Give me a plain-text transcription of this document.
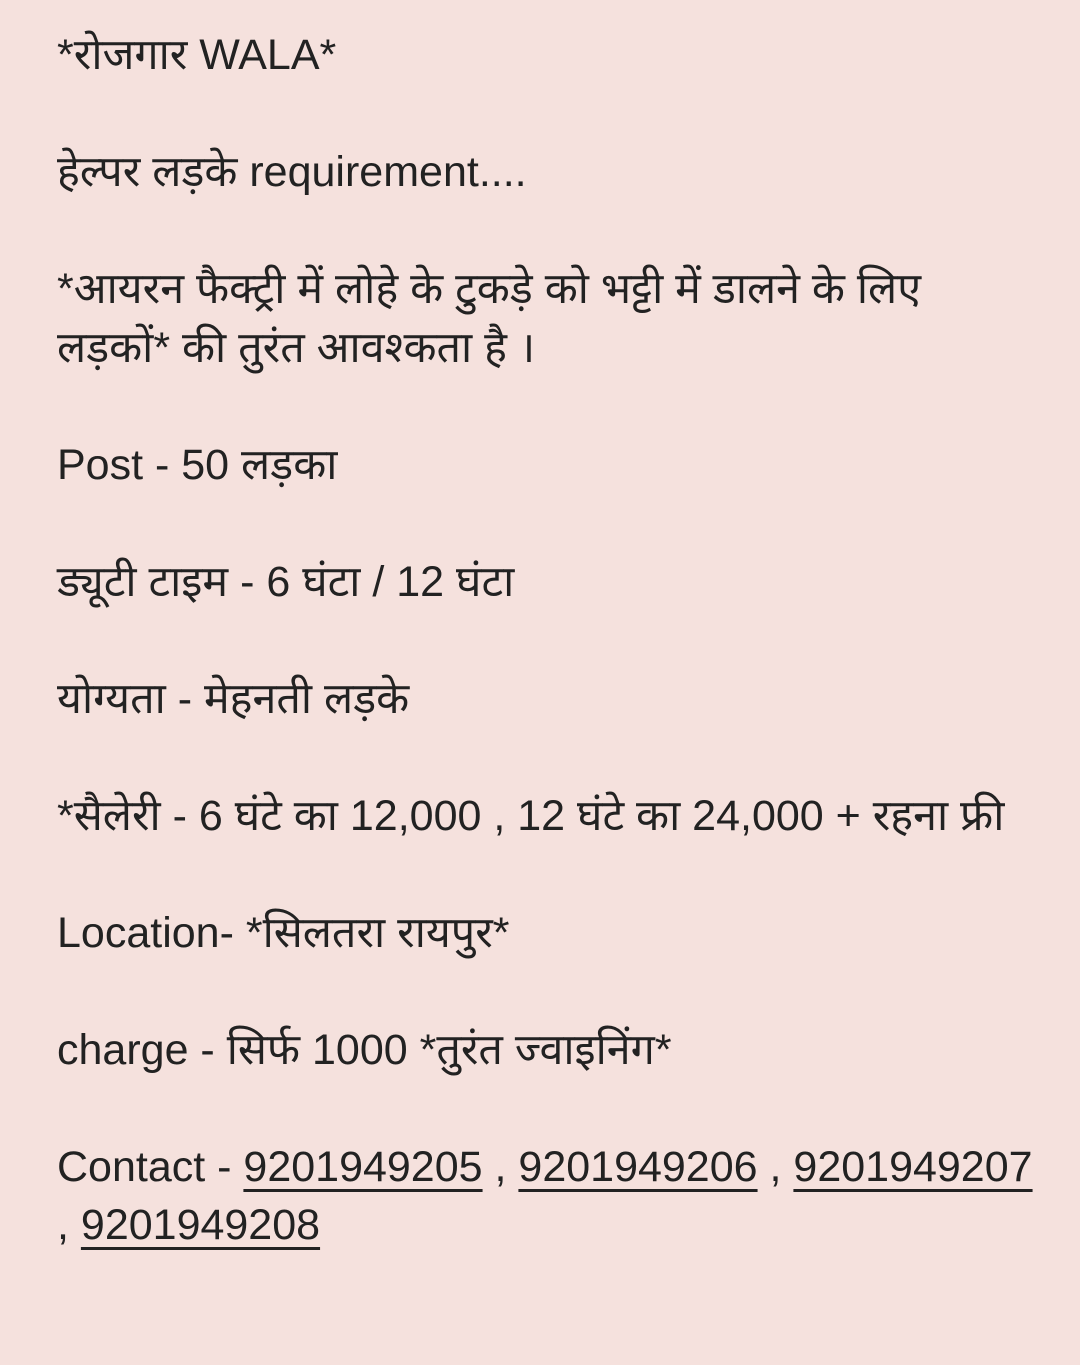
*रोजगार WALA*

हेल्पर लड़के requirement....

*आयरन फैक्ट्री में लोहे के टुकड़े को भट्टी में डालने के लिए लड़कों* की तुरंत आवश्कता है ।

Post - 50 लड़का

ड्यूटी टाइम - 6 घंटा / 12 घंटा

योग्यता - मेहनती लड़के

*सैलेरी - 6 घंटे का 12,000 , 12 घंटे का 24,000 + रहना फ्री

Location- *सिलतरा रायपुर*

charge - सिर्फ 1000 *तुरंत ज्वाइनिंग*

Contact - 9201949205 , 9201949206 , 9201949207 , 9201949208
